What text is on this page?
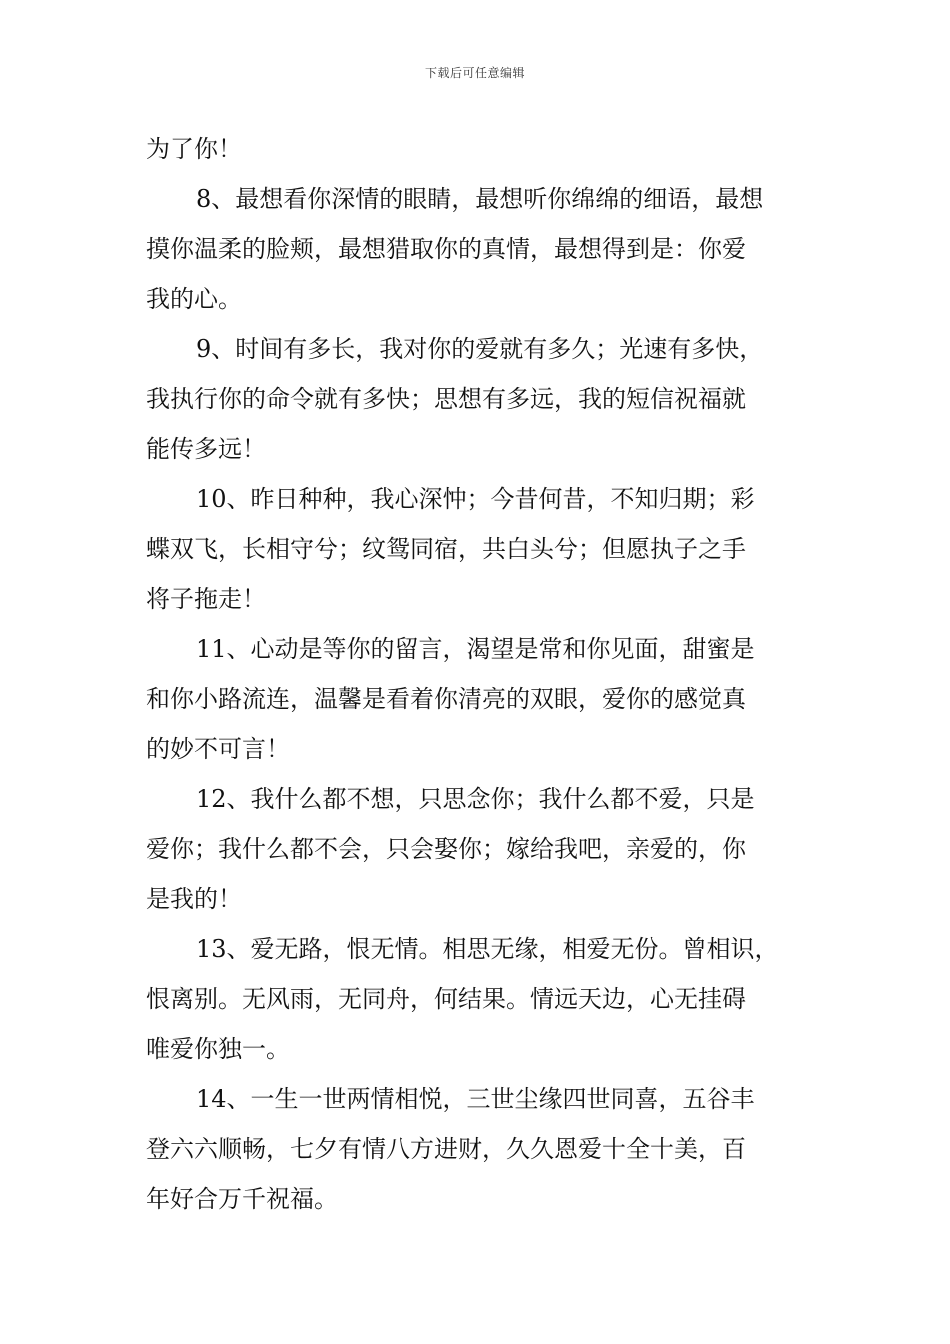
下载后可任意编辑
为了你！
8、最想看你深情的眼睛，最想听你绵绵的细语，最想
摸你温柔的脸颊，最想猎取你的真情，最想得到是：你爱
我的心。
9、时间有多长，我对你的爱就有多久；光速有多快，
我执行你的命令就有多快；思想有多远，我的短信祝福就
能传多远！
10、昨日种种，我心深忡；今昔何昔，不知归期；彩
蝶双飞，长相守兮；纹鸳同宿，共白头兮；但愿执子之手
将子拖走！
11、心动是等你的留言，渴望是常和你见面，甜蜜是
和你小路流连，温馨是看着你清亮的双眼，爱你的感觉真
的妙不可言！
12、我什么都不想，只思念你；我什么都不爱，只是
爱你；我什么都不会，只会娶你；嫁给我吧，亲爱的，你
是我的！
13、爱无路，恨无情。相思无缘，相爱无份。曾相识，
恨离别。无风雨，无同舟，何结果。情远天边，心无挂碍
唯爱你独一。
14、一生一世两情相悦，三世尘缘四世同喜，五谷丰
登六六顺畅，七夕有情八方进财，久久恩爱十全十美，百
年好合万千祝福。
